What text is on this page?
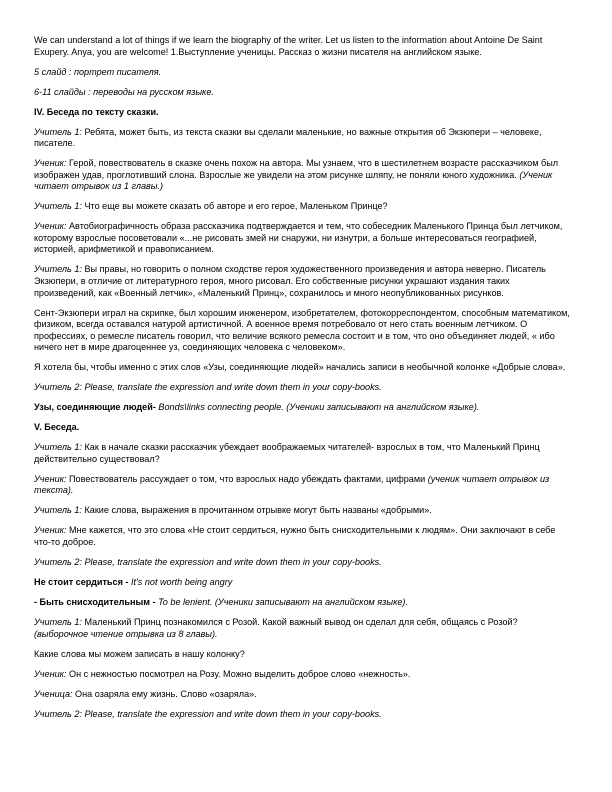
We can understand a lot of things if we learn the biography of the writer. Let us listen to the information about Antoine De Saint Exupery. Anya, you are welcome! 1.Выступление ученицы. Рассказ о жизни писателя на английском языке.

5 слайд : портрет писателя.

6-11 слайды : переводы на русском языке.

IV. Беседа по тексту сказки.

Учитель 1: Ребята, может быть, из текста сказки вы сделали маленькие, но важные открытия об Экзюпери – человеке, писателе.

Ученик: Герой, повествователь в сказке очень похож на автора. Мы узнаем, что в шестилетнем возрасте рассказчиком был изображен удав, проглотивший слона. Взрослые же увидели на этом рисунке шляпу, не поняли юного художника. (Ученик читает отрывок из 1 главы.)

Учитель 1: Что еще вы можете сказать об авторе и его герое, Маленьком Принце?

Ученик: Автобиографичность образа рассказчика подтверждается и тем, что собеседник Маленького Принца был летчиком, которому взрослые посоветовали «...не рисовать змей ни снаружи, ни изнутри, а больше интересоваться географией, историей, арифметикой и правописанием.

Учитель 1: Вы правы, но говорить о полном сходстве героя художественного произведения и автора неверно. Писатель Экзюпери, в отличие от литературного героя, много рисовал. Его собственные рисунки украшают издания таких произведений, как «Военный летчик», «Маленький Принц», сохранилось и много неопубликованных рисунков.

Сент-Экзюпери играл на скрипке, был хорошим инженером, изобретателем, фотокорреспондентом, способным математиком, физиком, всегда оставался натурой артистичной. А военное время потребовало от него стать военным летчиком. О профессиях, о ремесле писатель говорил, что величие всякого ремесла состоит и в том, что оно объединяет людей, « ибо ничего нет в мире драгоценнее уз, соединяющих человека с человеком».

Я хотела бы, чтобы именно с этих слов «Узы, соединяющие людей» начались записи в необычной колонке «Добрые слова».

Учитель 2: Please, translate the expression and write down them in your copy-books.

Узы, соединяющие людей- Bonds\links connecting people. (Ученики записывают на английском языке).

V. Беседа.

Учитель 1: Как в начале сказки рассказчик убеждает воображаемых читателей- взрослых в том, что Маленький Принц действительно существовал?

Ученик: Повествователь рассуждает о том, что взрослых надо убеждать фактами, цифрами (ученик читает отрывок из текста).

Учитель 1: Какие слова, выражения в прочитанном отрывке могут быть названы «добрыми».

Ученик: Мне кажется, что это слова «Не стоит сердиться, нужно быть снисходительными к людям». Они заключают в себе что-то доброе.

Учитель 2: Please, translate the expression and write down them in your copy-books.

Не стоит сердиться - It's not worth being angry

- Быть снисходительным - To be lenient. (Ученики записывают на английском языке).

Учитель 1: Маленький Принц познакомился с Розой. Какой важный вывод он сделал для себя, общаясь с Розой? (выборочное чтение отрывка из 8 главы).

Какие слова мы можем записать в нашу колонку?

Ученик: Он с нежностью посмотрел на Розу. Можно выделить доброе слово «нежность».

Ученица: Она озаряла ему жизнь. Слово «озаряла».

Учитель 2: Please, translate the expression and write down them in your copy-books.
